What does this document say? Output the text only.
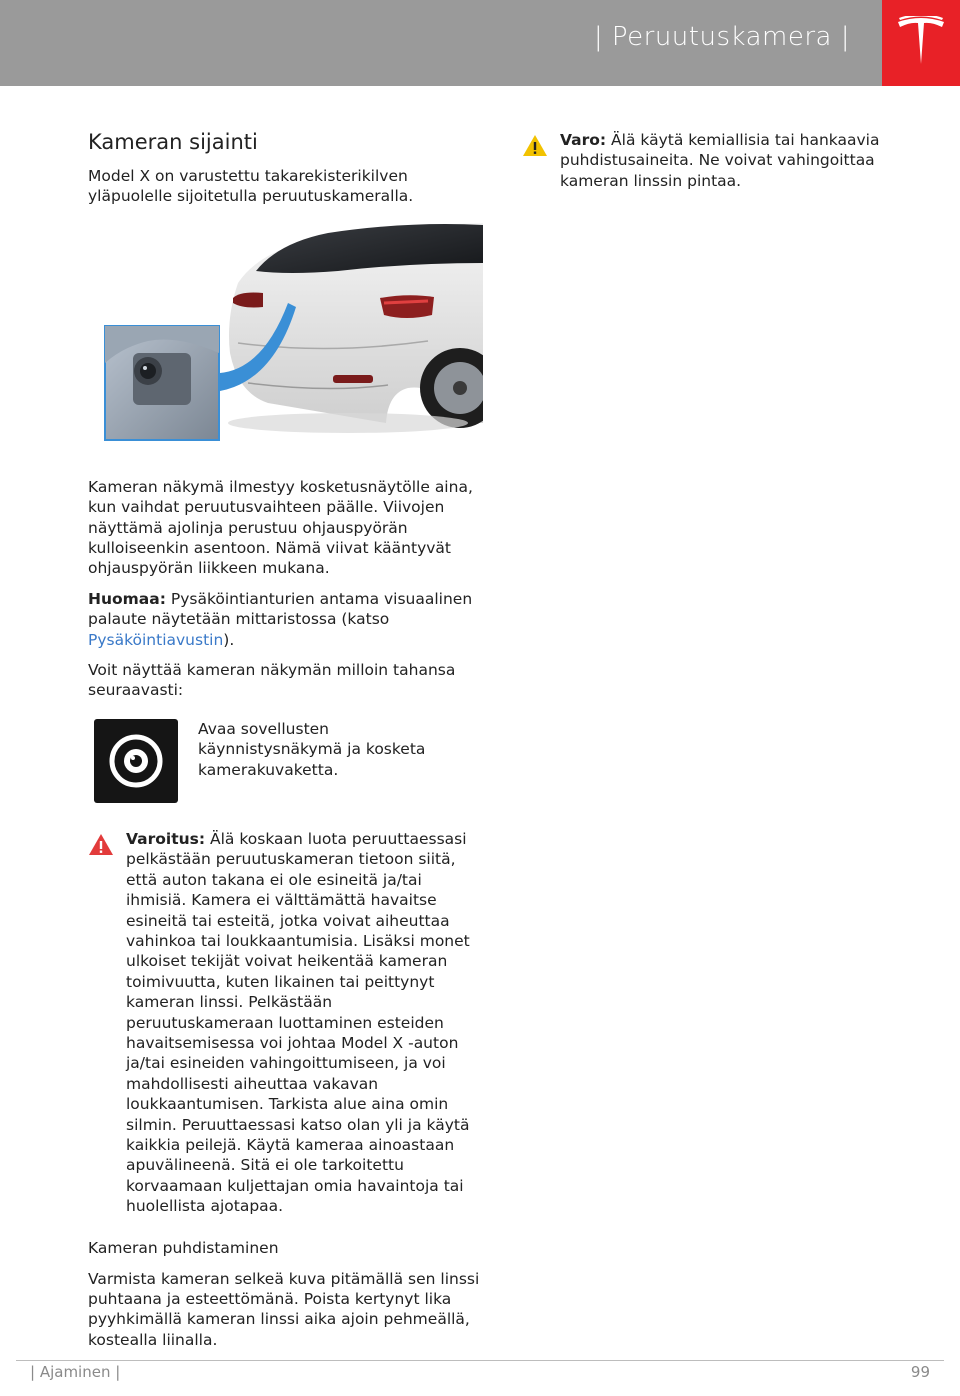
| Peruutuskamera |
Kameran sijainti

Model X on varustettu takarekisterikilven yläpuolelle sijoitetulla peruutuskameralla.

Kameran näkymä ilmestyy kosketusnäytölle aina, kun vaihdat peruutusvaihteen päälle. Viivojen näyttämä ajolinja perustuu ohjauspyörän kulloiseenkin asentoon. Nämä viivat kääntyvät ohjauspyörän liikkeen mukana.

Huomaa: Pysäköintianturien antama visuaalinen palaute näytetään mittaristossa (katso Pysäköintiavustin).

Voit näyttää kameran näkymän milloin tahansa seuraavasti:

Avaa sovellusten käynnistysnäkymä ja kosketa kamerakuvaketta.

Varoitus: Älä koskaan luota peruuttaessasi pelkästään peruutuskameran tietoon siitä, että auton takana ei ole esineitä ja/tai ihmisiä. Kamera ei välttämättä havaitse esineitä tai esteitä, jotka voivat aiheuttaa vahinkoa tai loukkaantumisia. Lisäksi monet ulkoiset tekijät voivat heikentää kameran toimivuutta, kuten likainen tai peittynyt kameran linssi. Pelkästään peruutuskameraan luottaminen esteiden havaitsemisessa voi johtaa Model X -auton ja/tai esineiden vahingoittumiseen, ja voi mahdollisesti aiheuttaa vakavan loukkaantumisen. Tarkista alue aina omin silmin. Peruuttaessasi katso olan yli ja käytä kaikkia peilejä. Käytä kameraa ainoastaan apuvälineenä. Sitä ei ole tarkoitettu korvaamaan kuljettajan omia havaintoja tai huolellista ajotapaa.

Kameran puhdistaminen

Varmista kameran selkeä kuva pitämällä sen linssi puhtaana ja esteettömänä. Poista kertynyt lika pyyhkimällä kameran linssi aika ajoin pehmeällä, kostealla liinalla.

Varo: Älä käytä kemiallisia tai hankaavia puhdistusaineita. Ne voivat vahingoittaa kameran linssin pintaa.

| Ajaminen |	99
